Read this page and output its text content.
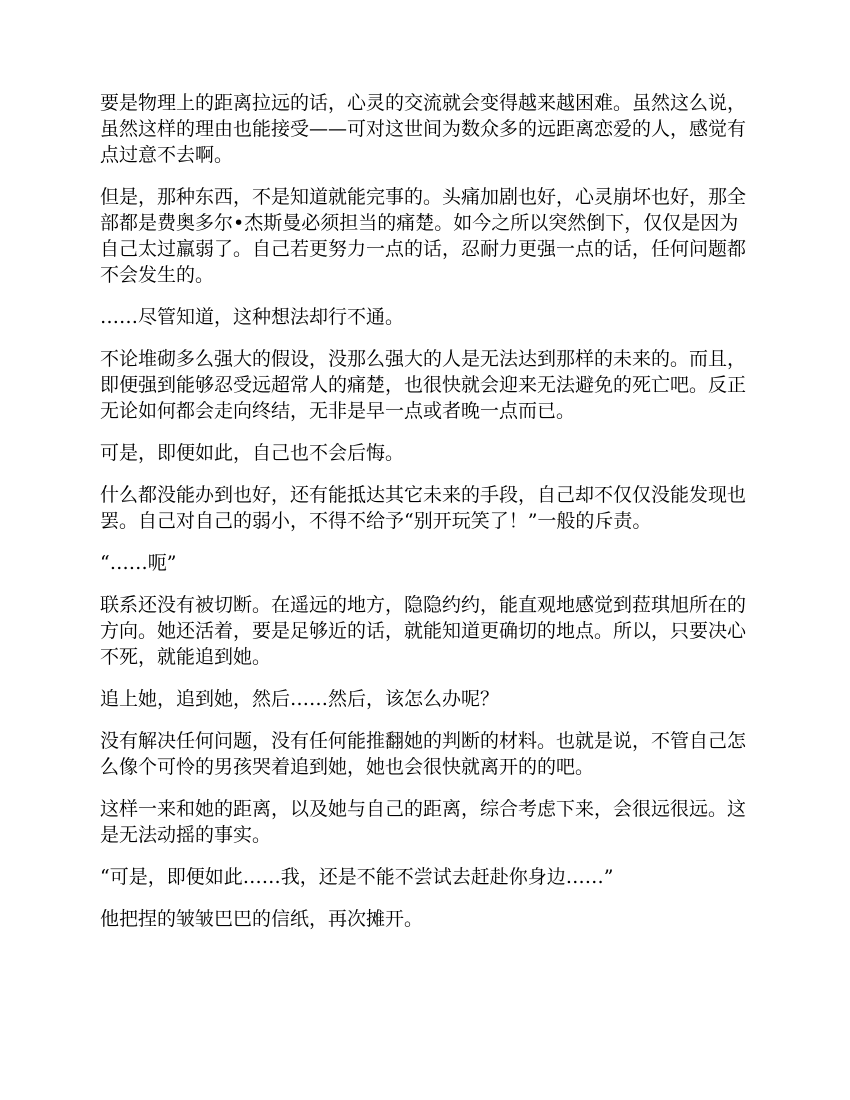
要是物理上的距离拉远的话，心灵的交流就会变得越来越困难。虽然这么说，虽然这样的理由也能接受——可对这世间为数众多的远距离恋爱的人，感觉有点过意不去啊。

但是，那种东西，不是知道就能完事的。头痛加剧也好，心灵崩坏也好，那全部都是费奥多尔•杰斯曼必须担当的痛楚。如今之所以突然倒下，仅仅是因为自己太过羸弱了。自己若更努力一点的话，忍耐力更强一点的话，任何问题都不会发生的。

……尽管知道，这种想法却行不通。

不论堆砌多么强大的假设，没那么强大的人是无法达到那样的未来的。而且，即便强到能够忍受远超常人的痛楚，也很快就会迎来无法避免的死亡吧。反正无论如何都会走向终结，无非是早一点或者晚一点而已。

可是，即便如此，自己也不会后悔。

什么都没能办到也好，还有能抵达其它未来的手段，自己却不仅仅没能发现也罢。自己对自己的弱小，不得不给予“别开玩笑了！”一般的斥责。

“……呃”

联系还没有被切断。在遥远的地方，隐隐约约，能直观地感觉到菈琪旭所在的方向。她还活着，要是足够近的话，就能知道更确切的地点。所以，只要决心不死，就能追到她。

追上她，追到她，然后……然后，该怎么办呢？

没有解决任何问题，没有任何能推翻她的判断的材料。也就是说，不管自己怎么像个可怜的男孩哭着追到她，她也会很快就离开的的吧。

这样一来和她的距离，以及她与自己的距离，综合考虑下来，会很远很远。这是无法动摇的事实。

“可是，即便如此……我，还是不能不尝试去赶赴你身边……”

他把捏的皱皱巴巴的信纸，再次摊开。
